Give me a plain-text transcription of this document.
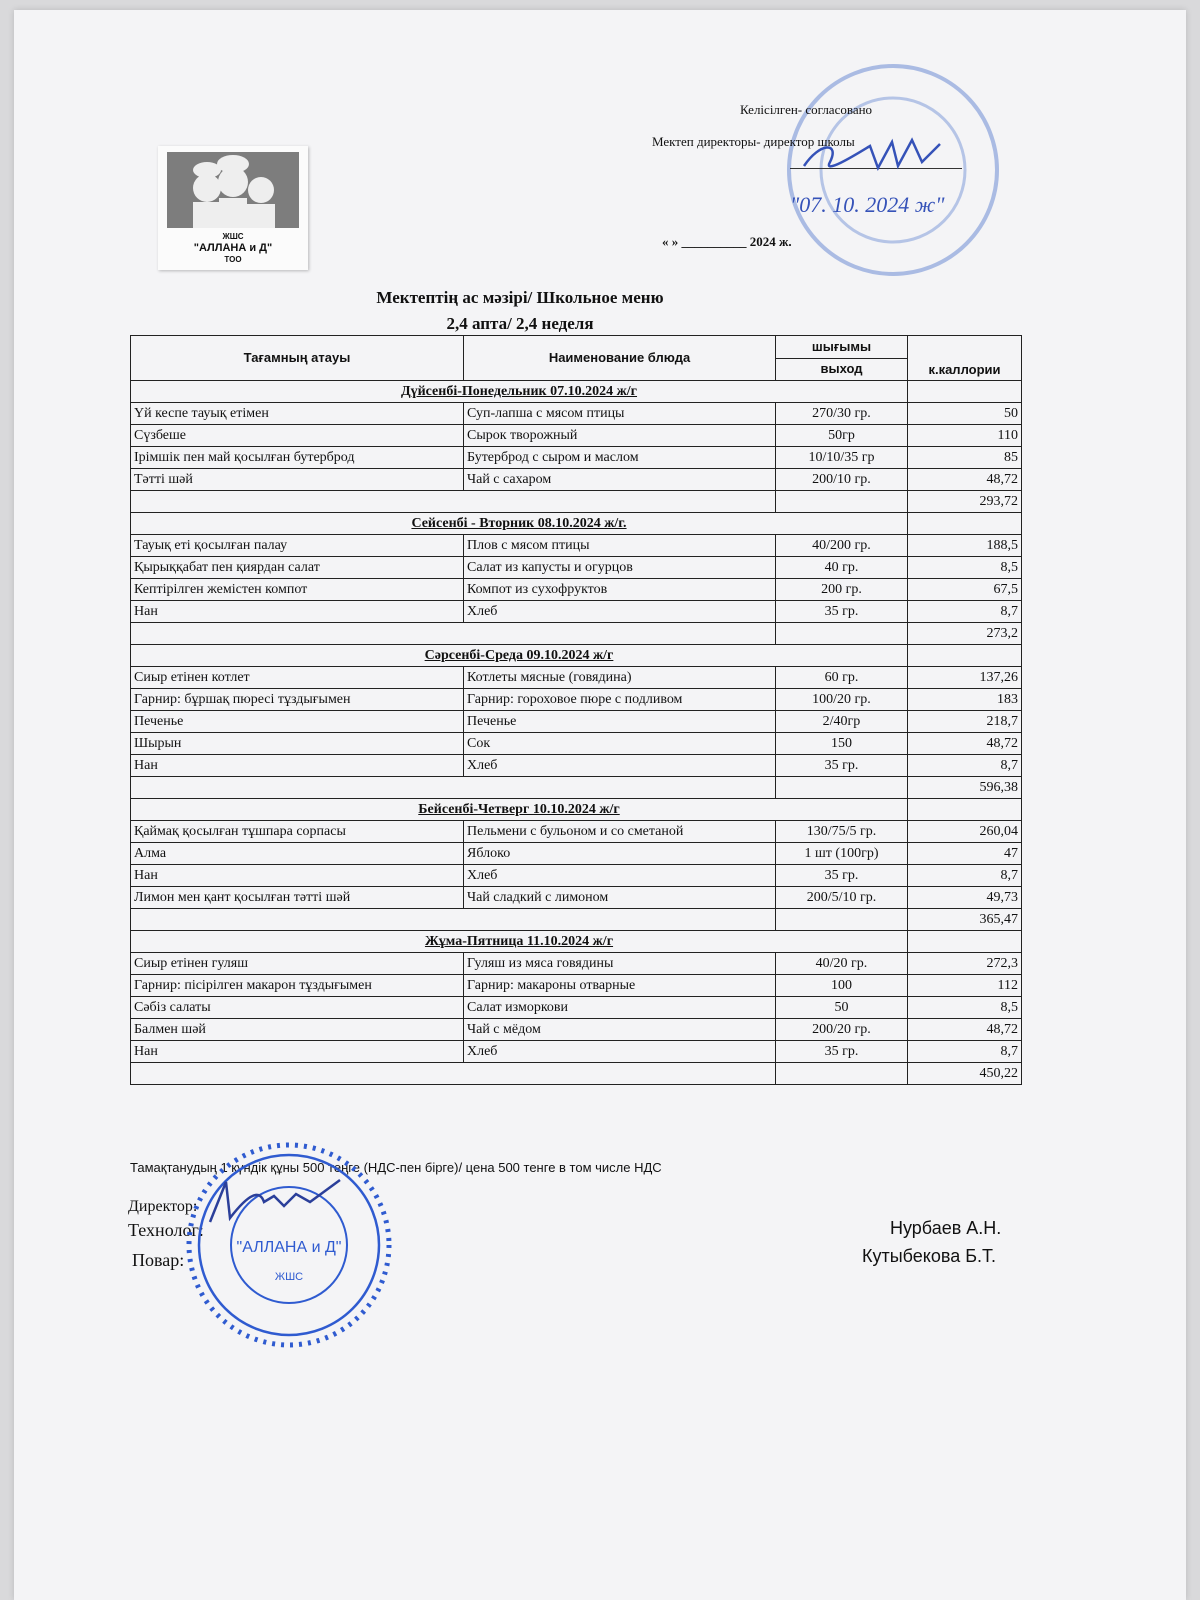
ЖШС
"АЛЛАНА и Д"
ТОО
Келісілген- согласовано
Мектеп директоры- директор школы
"07. 10. 2024 ж"
« » __________ 2024 ж.
Мектептің ас мәзірі/ Школьное меню
2,4 апта/ 2,4 неделя
Тағамның атауы	Наименование блюда	шығымы	к.каллории
		выход	
Дүйсенбі-Понедельник 07.10.2024 ж/г			
Үй кеспе тауық етімен	Суп-лапша с мясом птицы	270/30 гр.	50
Сүзбеше	Сырок творожный	50гр	110
Ірімшік пен май қосылған бутерброд	Бутерброд с сыром и маслом	10/10/35 гр	85
Тәтті шәй	Чай с сахаром	200/10 гр.	48,72
			293,72
Сейсенбі - Вторник 08.10.2024 ж/г.			
Тауық еті қосылған палау	Плов с мясом птицы	40/200 гр.	188,5
Қырыққабат пен қиярдан салат	Салат из капусты и огурцов	40 гр.	8,5
Кептірілген жемістен компот	Компот из сухофруктов	200 гр.	67,5
Нан	Хлеб	35 гр.	8,7
			273,2
Сәрсенбі-Среда 09.10.2024 ж/г			
Сиыр етінен котлет	Котлеты мясные (говядина)	60 гр.	137,26
Гарнир: бұршақ пюресі тұздығымен	Гарнир: гороховое пюре с подливом	100/20 гр.	183
Печенье	Печенье	2/40гр	218,7
Шырын	Сок	150	48,72
Нан	Хлеб	35 гр.	8,7
			596,38
Бейсенбі-Четверг 10.10.2024 ж/г			
Қаймақ қосылған тұшпара сорпасы	Пельмени с бульоном и со сметаной	130/75/5 гр.	260,04
Алма	Яблоко	1 шт (100гр)	47
Нан	Хлеб	35 гр.	8,7
Лимон мен қант қосылған тәтті шәй	Чай сладкий с лимоном	200/5/10 гр.	49,73
			365,47
Жұма-Пятница 11.10.2024 ж/г			
Сиыр етінен гуляш	Гуляш из мяса говядины	40/20 гр.	272,3
Гарнир: пісірілген макарон тұздығымен	Гарнир: макароны отварные	100	112
Сәбіз салаты	Салат изморкови	50	8,5
Балмен шәй	Чай с мёдом	200/20 гр.	48,72
Нан	Хлеб	35 гр.	8,7
			450,22
Тамақтанудың 1 күндік құны 500 теңге (НДС-пен бірге)/ цена 500 тенге в том числе НДС
Директор:
Технолог:
Повар:
Нурбаев А.Н.
Кутыбекова Б.Т.
"АЛЛАНА и Д"
ЖШС
